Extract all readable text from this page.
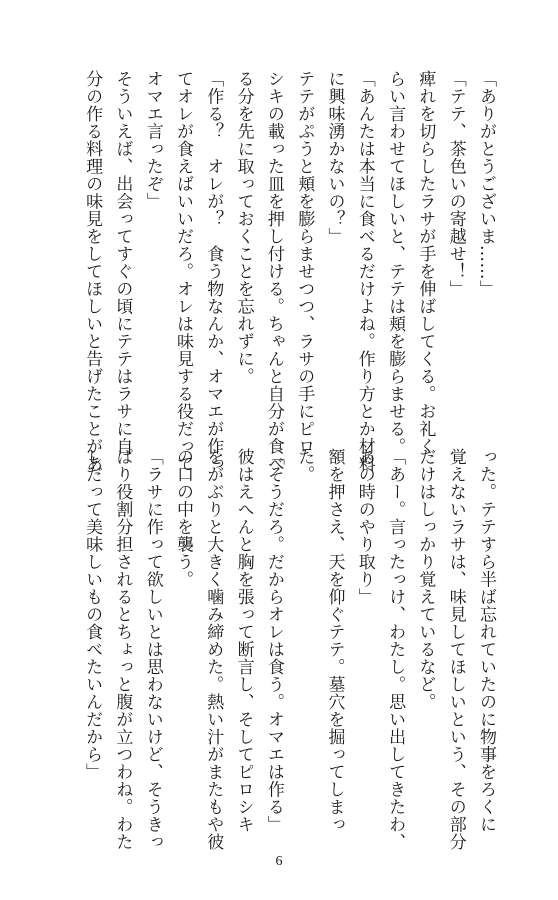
「ありがとうございま……」
「テテ、茶色いの寄越せ！」
痺れを切らしたラサが手を伸ばしてくる。お礼く
らい言わせてほしいと、テテは頬を膨らませる。
「あんたは本当に食べるだけよね。作り方とか材料
に興味湧かないの？」
テテがぷうと頬を膨らませつつ、ラサの手にピロ
シキの載った皿を押し付ける。ちゃんと自分が食べ
る分を先に取っておくことを忘れずに。
「作る？　オレが？　食う物なんか、オマエが作っ
てオレが食えばいいだろ。オレは味見する役だって
オマエ言ったぞ」
そういえば、出会ってすぐの頃にテテはラサに自
分の作る料理の味見をしてほしいと告げたことがあ
った。テテすら半ば忘れていたのに物事をろくに
覚えないラサは、味見してほしいという、その部分
だけはしっかり覚えているなど。
「あー。言ったっけ、わたし。思い出してきたわ、
あの時のやり取り」
額を押さえ、天を仰ぐテテ。墓穴を掘ってしまっ
た。
「そうだろ。だからオレは食う。オマエは作る」
彼はえへんと胸を張って断言し、そしてピロシキ
をがぶりと大きく噛み締めた。熱い汁がまたもや彼
の口の中を襲う。
「ラサに作って欲しいとは思わないけど、そうきっ
ぱり役割分担されるとちょっと腹が立つわね。わた
しだって美味しいもの食べたいんだから」
6
